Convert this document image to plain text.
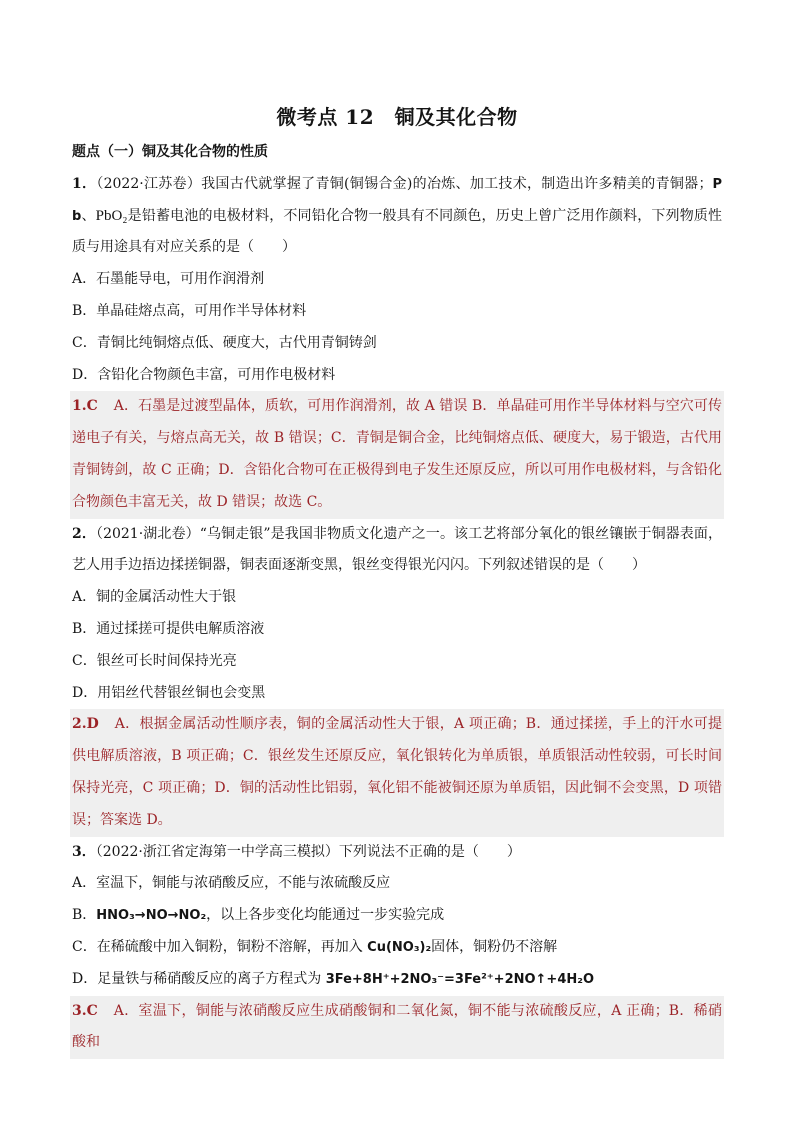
微考点 12　铜及其化合物
题点（一）铜及其化合物的性质
1．（2022·江苏卷）我国古代就掌握了青铜(铜锡合金)的冶炼、加工技术，制造出许多精美的青铜器；Pb、PbO₂是铅蓄电池的电极材料，不同铅化合物一般具有不同颜色，历史上曾广泛用作颜料，下列物质性质与用途具有对应关系的是（　　）
A．石墨能导电，可用作润滑剂
B．单晶硅熔点高，可用作半导体材料
C．青铜比纯铜熔点低、硬度大，古代用青铜铸剑
D．含铅化合物颜色丰富，可用作电极材料
1.C A．石墨是过渡型晶体，质软，可用作润滑剂，故 A 错误 B．单晶硅可用作半导体材料与空穴可传递电子有关，与熔点高无关，故 B 错误；C．青铜是铜合金，比纯铜熔点低、硬度大，易于锻造，古代用青铜铸剑，故 C 正确；D．含铅化合物可在正极得到电子发生还原反应，所以可用作电极材料，与含铅化合物颜色丰富无关，故 D 错误；故选 C。
2．（2021·湖北卷）“乌铜走银”是我国非物质文化遗产之一。该工艺将部分氧化的银丝镶嵌于铜器表面，艺人用手边捂边揉搓铜器，铜表面逐渐变黑，银丝变得银光闪闪。下列叙述错误的是（　　）
A．铜的金属活动性大于银
B．通过揉搓可提供电解质溶液
C．银丝可长时间保持光亮
D．用铝丝代替银丝铜也会变黑
2.D A．根据金属活动性顺序表，铜的金属活动性大于银，A 项正确；B．通过揉搓，手上的汗水可提供电解质溶液，B 项正确；C．银丝发生还原反应，氧化银转化为单质银，单质银活动性较弱，可长时间保持光亮，C 项正确；D．铜的活动性比铝弱，氧化铝不能被铜还原为单质铝，因此铜不会变黑，D 项错误；答案选 D。
3．（2022·浙江省定海第一中学高三模拟）下列说法不正确的是（　　）
A．室温下，铜能与浓硝酸反应，不能与浓硫酸反应
B．HNO₃→NO→NO₂，以上各步变化均能通过一步实验完成
C．在稀硫酸中加入铜粉，铜粉不溶解，再加入 Cu(NO₃)₂固体，铜粉仍不溶解
D．足量铁与稀硝酸反应的离子方程式为 3Fe+8H⁺+2NO₃⁻=3Fe²⁺+2NO↑+4H₂O
3.C A．室温下，铜能与浓硝酸反应生成硝酸铜和二氧化氮，铜不能与浓硫酸反应，A 正确；B．稀硝酸和
